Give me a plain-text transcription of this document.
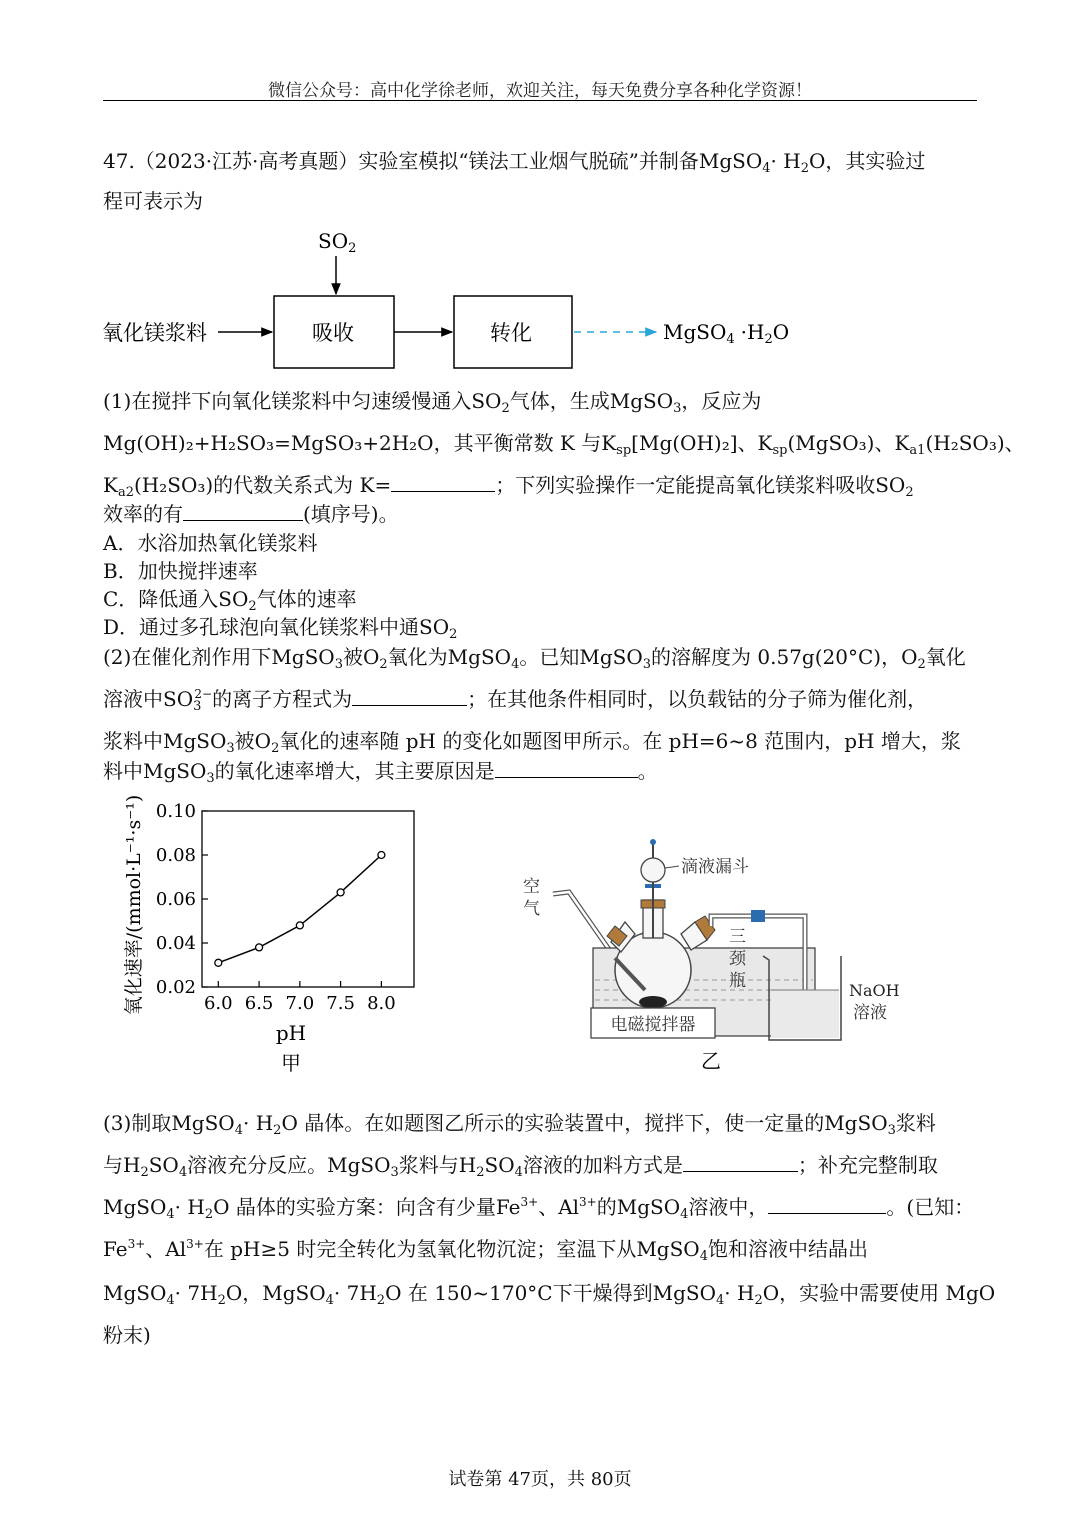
微信公众号：高中化学徐老师，欢迎关注，每天免费分享各种化学资源！
47.（2023·江苏·高考真题）实验室模拟“镁法工业烟气脱硫”并制备MgSO$_4$· $H_2O$，其实验过
程可表示为
$SO_2$
氧化镁浆料	吸收	转化	MgSO$_4$ $\cdot H_2O$
(1)在搅拌下向氧化镁浆料中匀速缓慢通入$SO_2$气体，生成MgSO$_3$，反应为
Mg(OH)₂+H₂SO₃=MgSO₃+2H₂O，其平衡常数 K 与$K_{sp}[Mg(OH)_2]$、$K_{sp}(MgSO_3)$、$K_{a1}(H_2SO_3)$、
$K_{a2}(H_2SO_3)$的代数关系式为 K=	；下列实验操作一定能提高氧化镁浆料吸收$SO_2$
效率的有	(填序号)。
A．水浴加热氧化镁浆料
B．加快搅拌速率
C．降低通入$SO_2$气体的速率
D．通过多孔球泡向氧化镁浆料中通$SO_2$
(2)在催化剂作用下MgSO$_3$被$O_2$氧化为MgSO$_4$。已知MgSO$_3$的溶解度为 0.57g(20°C)，$O_2$氧化
溶液中$SO_3^{2-}$的离子方程式为	；在其他条件相同时，以负载钴的分子筛为催化剂，
浆料中MgSO$_3$被$O_2$氧化的速率随 pH 的变化如题图甲所示。在 pH=6~8 范围内，pH 增大，浆
料中MgSO$_3$的氧化速率增大，其主要原因是	。
0.02
0.04
0.06
0.08
0.10
6.0 6.5 7.0 7.5 8.0
氧化速率/(mmol·L⁻¹·s⁻¹)
pH
甲
空
气
滴液漏斗
三
颈
瓶	NaOH
溶液
电磁搅拌器
乙
(3)制取MgSO$_4$· $H_2O$ 晶体。在如题图乙所示的实验装置中，搅拌下，使一定量的MgSO$_3$浆料
与$H_2SO_4$溶液充分反应。MgSO$_3$浆料与$H_2SO_4$溶液的加料方式是	；补充完整制取
MgSO$_4$· $H_2O$ 晶体的实验方案：向含有少量$Fe^{3+}$、$Al^{3+}$的MgSO$_4$溶液中，	。(已知：
$Fe^{3+}$、$Al^{3+}$在 pH≥5 时完全转化为氢氧化物沉淀；室温下从MgSO$_4$饱和溶液中结晶出
MgSO$_4$· $7H_2O$，MgSO$_4$· $7H_2O$ 在 150~170°C下干燥得到MgSO$_4$· $H_2O$，实验中需要使用 MgO
粉末)
试卷第 47页，共 80页
